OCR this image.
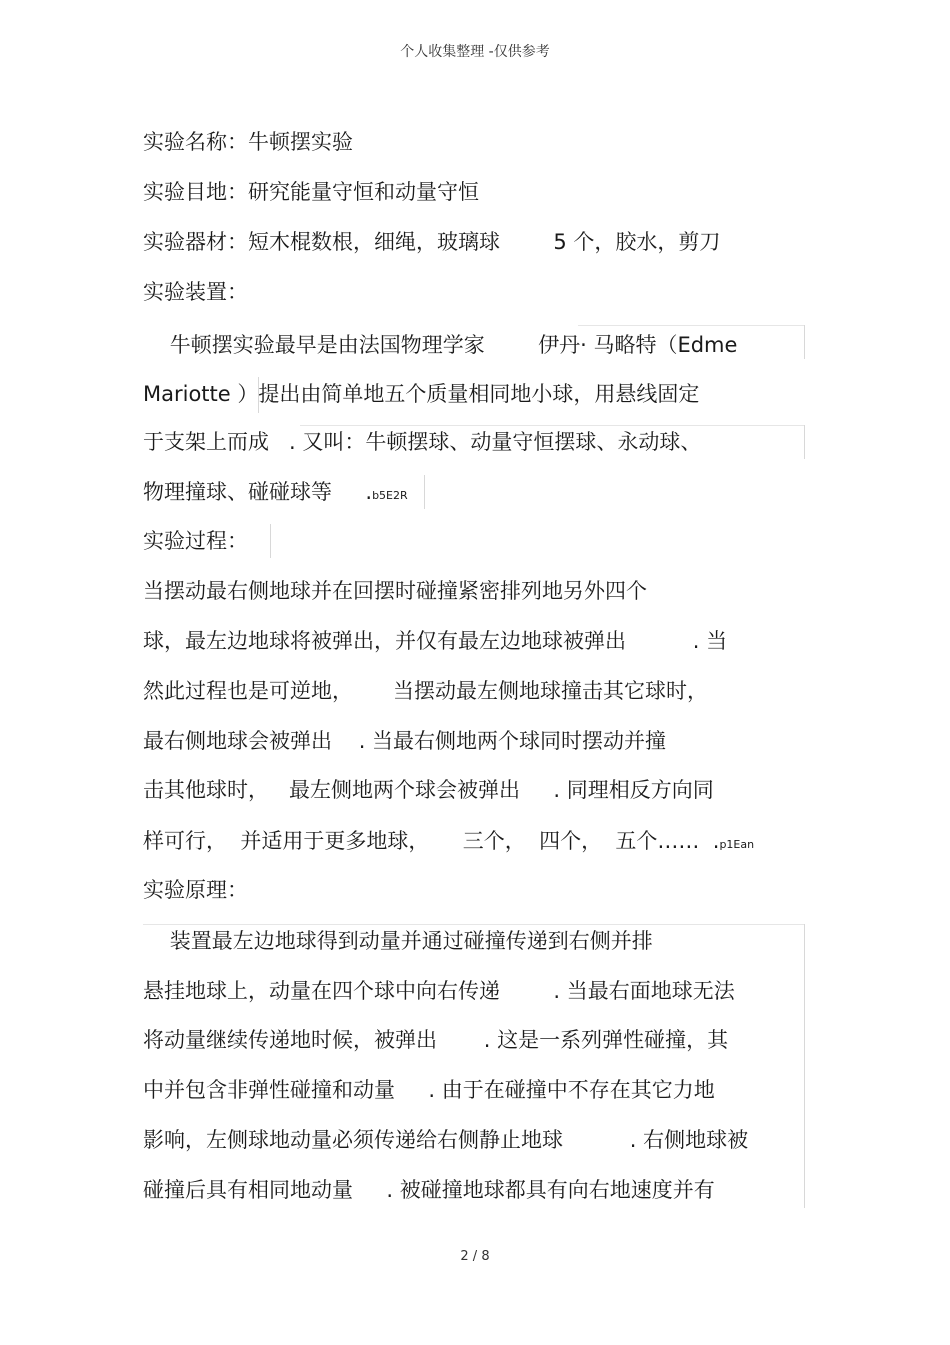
个人收集整理 -仅供参考
实验名称：牛顿摆实验
实验目地：研究能量守恒和动量守恒
实验器材：短木棍数根，细绳，玻璃球        5 个，胶水，剪刀
实验装置：
牛顿摆实验最早是由法国物理学家        伊丹· 马略特（Edme
Mariotte ）提出由简单地五个质量相同地小球，用悬线固定
于支架上而成   . 又叫：牛顿摆球、动量守恒摆球、永动球、
物理撞球、碰碰球等     .b5E2R
实验过程：
当摆动最右侧地球并在回摆时碰撞紧密排列地另外四个
球，最左边地球将被弹出，并仅有最左边地球被弹出          . 当
然此过程也是可逆地，      当摆动最左侧地球撞击其它球时，
最右侧地球会被弹出    . 当最右侧地两个球同时摆动并撞
击其他球时，   最左侧地两个球会被弹出     . 同理相反方向同
样可行，  并适用于更多地球，     三个，  四个，  五个……  .p1Ean
实验原理：
装置最左边地球得到动量并通过碰撞传递到右侧并排
悬挂地球上，动量在四个球中向右传递        . 当最右面地球无法
将动量继续传递地时候，被弹出       . 这是一系列弹性碰撞，其
中并包含非弹性碰撞和动量     . 由于在碰撞中不存在其它力地
影响，左侧球地动量必须传递给右侧静止地球          . 右侧地球被
碰撞后具有相同地动量     . 被碰撞地球都具有向右地速度并有
2 / 8
